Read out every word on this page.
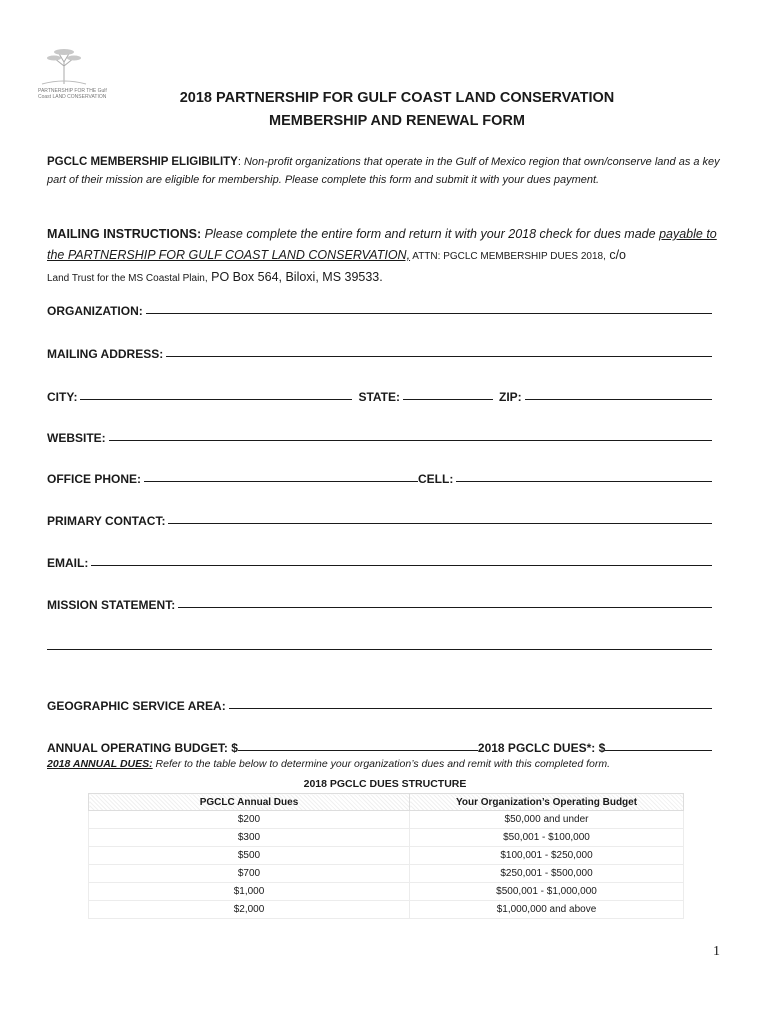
PARTNERSHIP FOR THE Gulf Coast LAND CONSERVATION	2018 PARTNERSHIP FOR GULF COAST LAND CONSERVATION
MEMBERSHIP AND RENEWAL FORM
PGCLC MEMBERSHIP ELIGIBILITY: Non-profit organizations that operate in the Gulf of Mexico region that own/conserve land as a key part of their mission are eligible for membership. Please complete this form and submit it with your dues payment.
MAILING INSTRUCTIONS: Please complete the entire form and return it with your 2018 check for dues made payable to the PARTNERSHIP FOR GULF COAST LAND CONSERVATION, ATTN: PGCLC MEMBERSHIP DUES 2018, c/o
Land Trust for the MS Coastal Plain, PO Box 564, Biloxi, MS 39533.
ORGANIZATION:
MAILING ADDRESS:
CITY:	STATE:	ZIP:
WEBSITE:
OFFICE PHONE:	CELL:
PRIMARY CONTACT:
EMAIL:
MISSION STATEMENT:
GEOGRAPHIC SERVICE AREA:
ANNUAL OPERATING BUDGET: $	2018 PGCLC DUES*: $
2018 ANNUAL DUES: Refer to the table below to determine your organization’s dues and remit with this completed form.
2018 PGCLC DUES STRUCTURE
PGCLC Annual Dues	Your Organization’s Operating Budget
$200	$50,000 and under
$300	$50,001 - $100,000
$500	$100,001 - $250,000
$700	$250,001 - $500,000
$1,000	$500,001 - $1,000,000
$2,000	$1,000,000 and above
1
